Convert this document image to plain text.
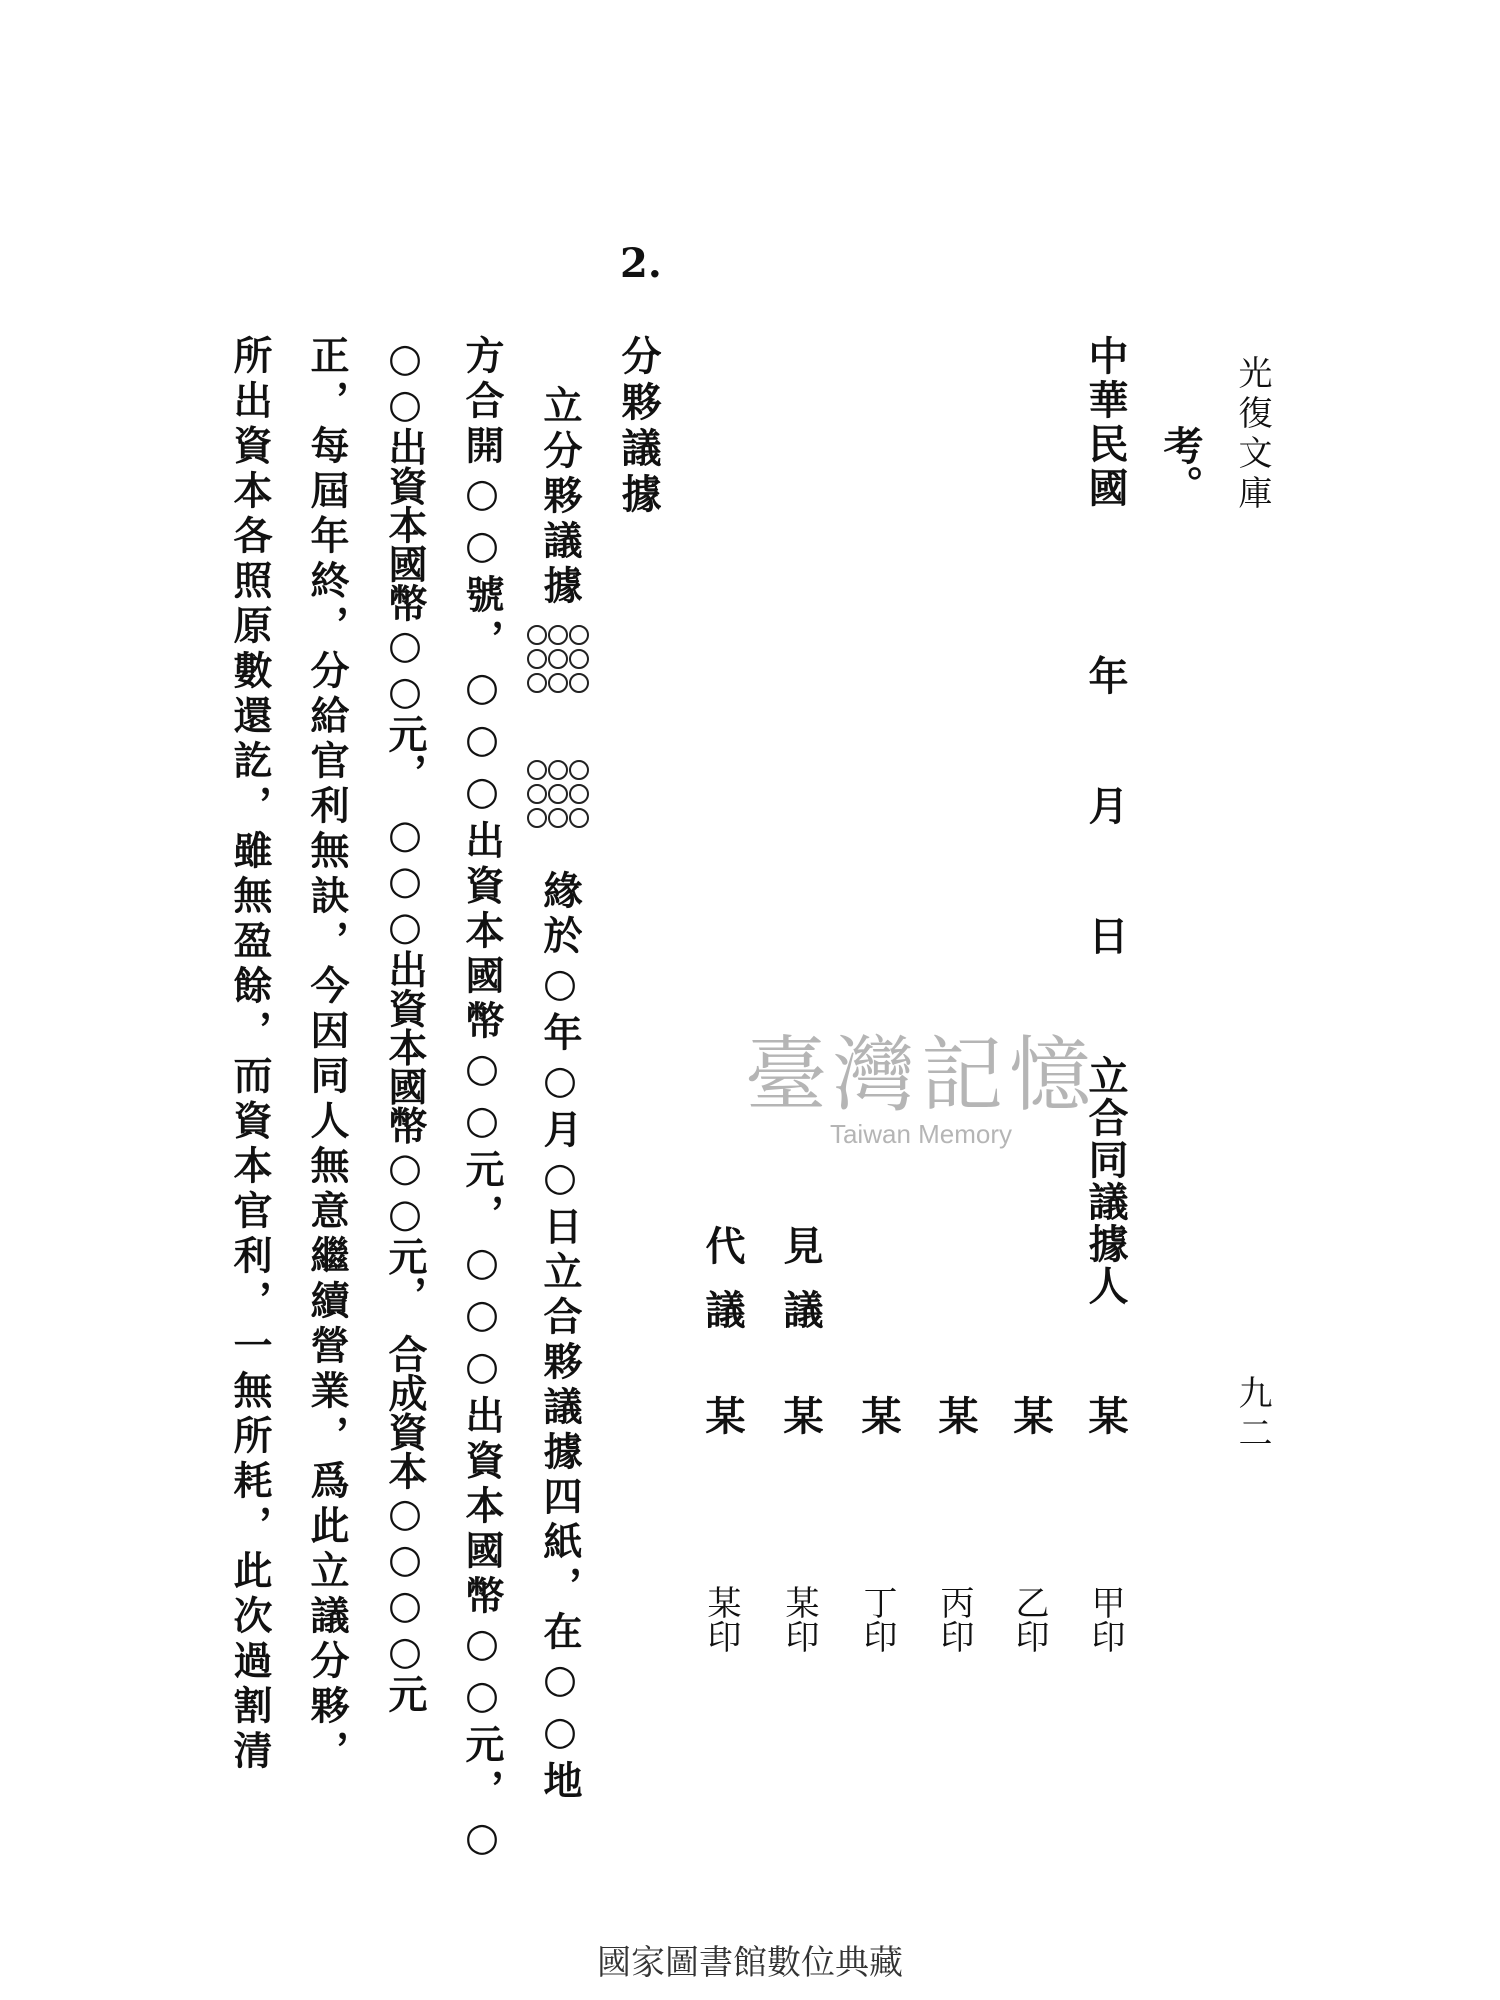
光復文庫
九二
考。
中華民國
年
月
日
立合同議據人
某
某
某
某
某
某
見議
代議
甲印
乙印
丙印
丁印
某印
某印
2.
分夥議據
立分夥議據
緣於○年○月○日立合夥議據四紙，在○○地
方合開○○號，○○○出資本國幣○○元，○○○出資本國幣○○元，○
○○出資本國幣○○元，　○○○出資本國幣○○元，　合成資本○○○○元
正，每屆年終，分給官利無訣，今因同人無意繼續營業，爲此立議分夥，
所出資本各照原數還訖，雖無盈餘，而資本官利，一無所耗，此次過割清	臺灣記憶
Taiwan Memory
國家圖書館數位典藏
